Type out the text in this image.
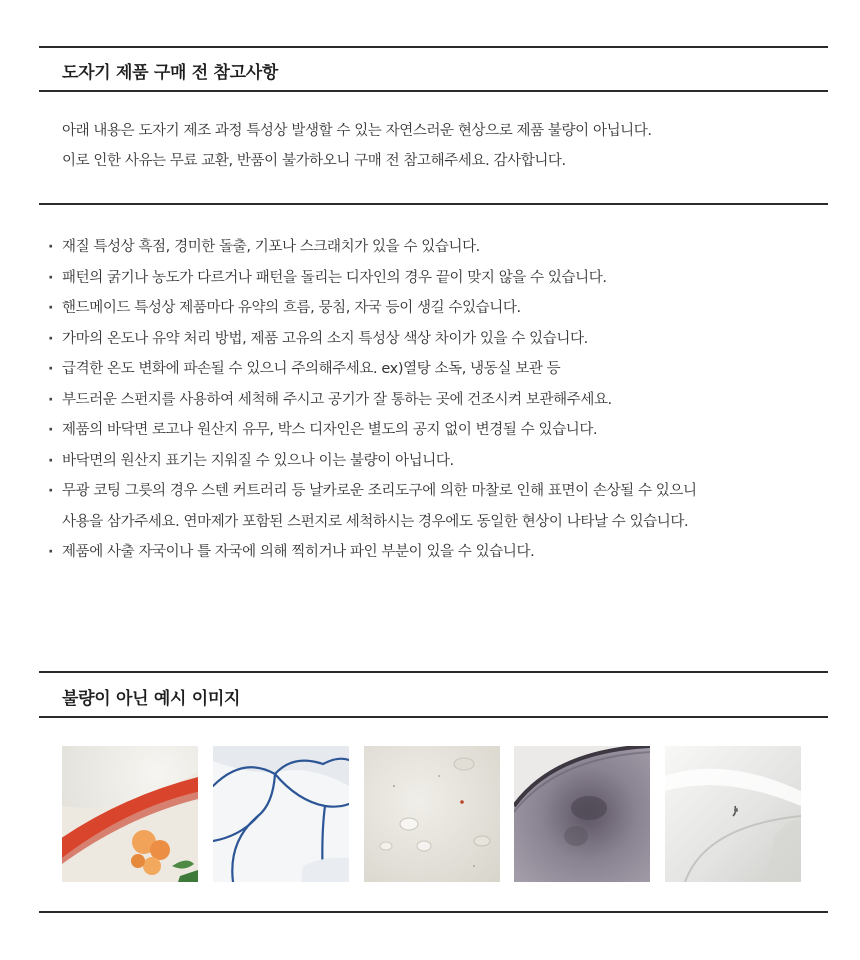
도자기 제품 구매 전 참고사항
아래 내용은 도자기 제조 과정 특성상 발생할 수 있는 자연스러운 현상으로 제품 불량이 아닙니다.
이로 인한 사유는 무료 교환, 반품이 불가하오니 구매 전 참고해주세요. 감사합니다.
· 재질 특성상 흑점, 경미한 돌출, 기포나 스크래치가 있을 수 있습니다.
· 패턴의 굵기나 농도가 다르거나 패턴을 돌리는 디자인의 경우 끝이 맞지 않을 수 있습니다.
· 핸드메이드 특성상 제품마다 유약의 흐름, 뭉침, 자국 등이 생길 수있습니다.
· 가마의 온도나 유약 처리 방법, 제품 고유의 소지 특성상 색상 차이가 있을 수 있습니다.
· 급격한 온도 변화에 파손될 수 있으니 주의해주세요. ex)열탕 소독, 냉동실 보관 등
· 부드러운 스펀지를 사용하여 세척해 주시고 공기가 잘 통하는 곳에 건조시켜 보관해주세요.
· 제품의 바닥면 로고나 원산지 유무, 박스 디자인은 별도의 공지 없이 변경될 수 있습니다.
· 바닥면의 원산지 표기는 지워질 수 있으나 이는 불량이 아닙니다.
· 무광 코팅 그릇의 경우 스텐 커트러리 등 날카로운 조리도구에 의한 마찰로 인해 표면이 손상될 수 있으니
사용을 삼가주세요. 연마제가 포함된 스펀지로 세척하시는 경우에도 동일한 현상이 나타날 수 있습니다.
· 제품에 사출 자국이나 틀 자국에 의해 찍히거나 파인 부분이 있을 수 있습니다.
불량이 아닌 예시 이미지
